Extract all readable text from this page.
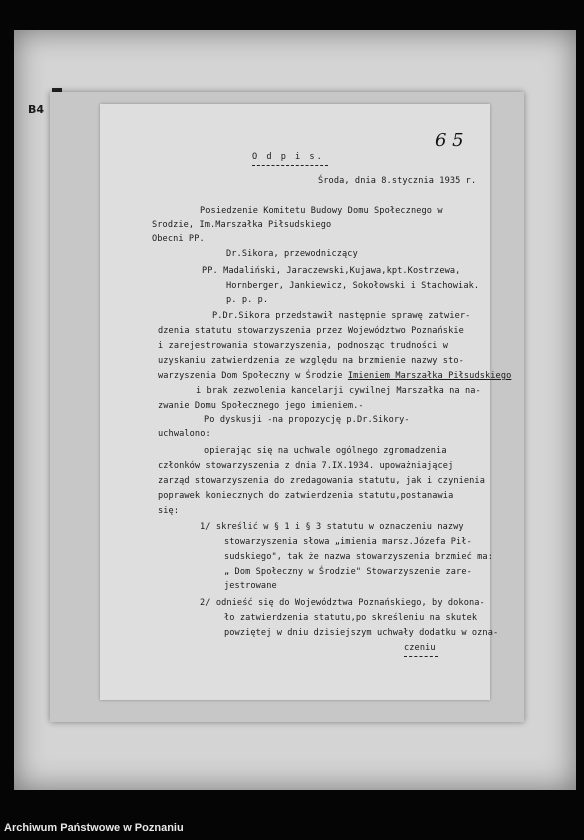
B4
6 5
O d p i s.
Środa, dnia 8.stycznia 1935 r.
Posiedzenie Komitetu Budowy Domu Społecznego w
Srodzie, Im.Marszałka Piłsudskiego
Obecni PP.
Dr.Sikora, przewodniczący
PP. Madaliński, Jaraczewski,Kujawa,kpt.Kostrzewa,
Hornberger, Jankiewicz, Sokołowski i Stachowiak.
p. p. p.
P.Dr.Sikora przedstawił następnie sprawę zatwier-
dzenia statutu stowarzyszenia przez Województwo Poznańskie
i zarejestrowania stowarzyszenia, podnosząc trudności w
uzyskaniu zatwierdzenia ze względu na brzmienie nazwy sto-
warzyszenia Dom Społeczny w Środzie Imieniem Marszałka Piłsudskiego
i brak zezwolenia kancelarji cywilnej Marszałka na na-
zwanie Domu Społecznego jego imieniem.-
Po dyskusji -na propozycję p.Dr.Sikory-
uchwalono:
opierając się na uchwale ogólnego zgromadzenia
członków stowarzyszenia z dnia 7.IX.1934. upoważniającej
zarząd stowarzyszenia do zredagowania statutu, jak i czynienia
poprawek koniecznych do zatwierdzenia statutu,postanawia
się:
1/ skreślić w § 1 i § 3 statutu w oznaczeniu nazwy
stowarzyszenia słowa „imienia marsz.Józefa Pił-
sudskiego", tak że nazwa stowarzyszenia brzmieć ma:
„ Dom Społeczny w Środzie" Stowarzyszenie zare-
jestrowane
2/ odnieść się do Województwa Poznańskiego, by dokona-
ło zatwierdzenia statutu,po skreśleniu na skutek
powziętej w dniu dzisiejszym uchwały dodatku w ozna-
czeniu
Archiwum Państwowe w Poznaniu
